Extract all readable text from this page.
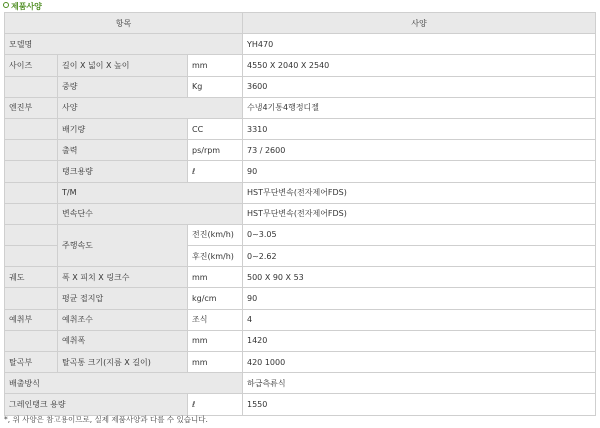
제품사양
항목			사양
모델명			YH470
사이즈	길이 X 넓이 X 높이	mm	4550 X 2040 X 2540
	중량	Kg	3600
엔진부	사양		수냉4기통4행정디젤
	배기량	CC	3310
	출력	ps/rpm	73 / 2600
	탱크용량	ℓ	90
	T/M		HST무단변속(전자제어FDS)
	변속단수		HST무단변속(전자제어FDS)
	주행속도	전진(km/h)	0~3.05
		후진(km/h)	0~2.62
궤도	폭 X 피치 X 링크수	mm	500 X 90 X 53
	평균 접지압	kg/cm	90
예취부	예취조수	조식	4
	예취폭	mm	1420
탈곡부	탈곡통 크기(지름 X 길이)	mm	420 1000
배출방식			하급측류식
그레인탱크 용량		ℓ	1550
*, 위 사양은 참고용이므로, 실제 제품사양과 다를 수 있습니다.
